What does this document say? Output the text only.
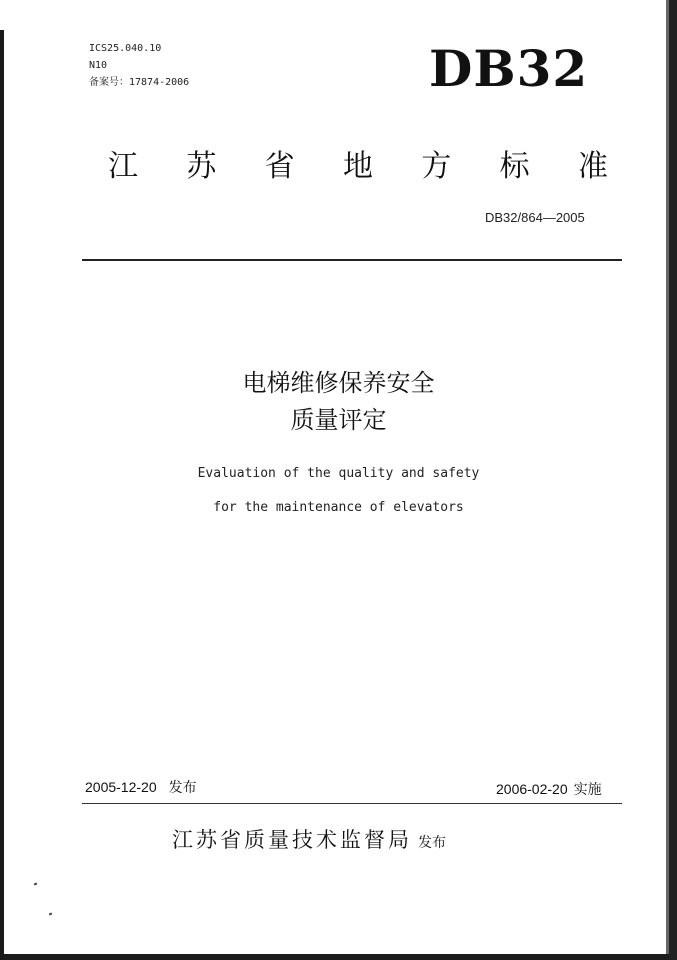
ICS25.040.10
N10
备案号：17874-2006	DB32
江 苏 省 地 方 标 准
DB32/864—2005
电梯维修保养安全
质量评定
Evaluation of the quality and safety
for the maintenance of elevators
2005-12-20 发布	2006-02-20 实施
江苏省质量技术监督局 发布
